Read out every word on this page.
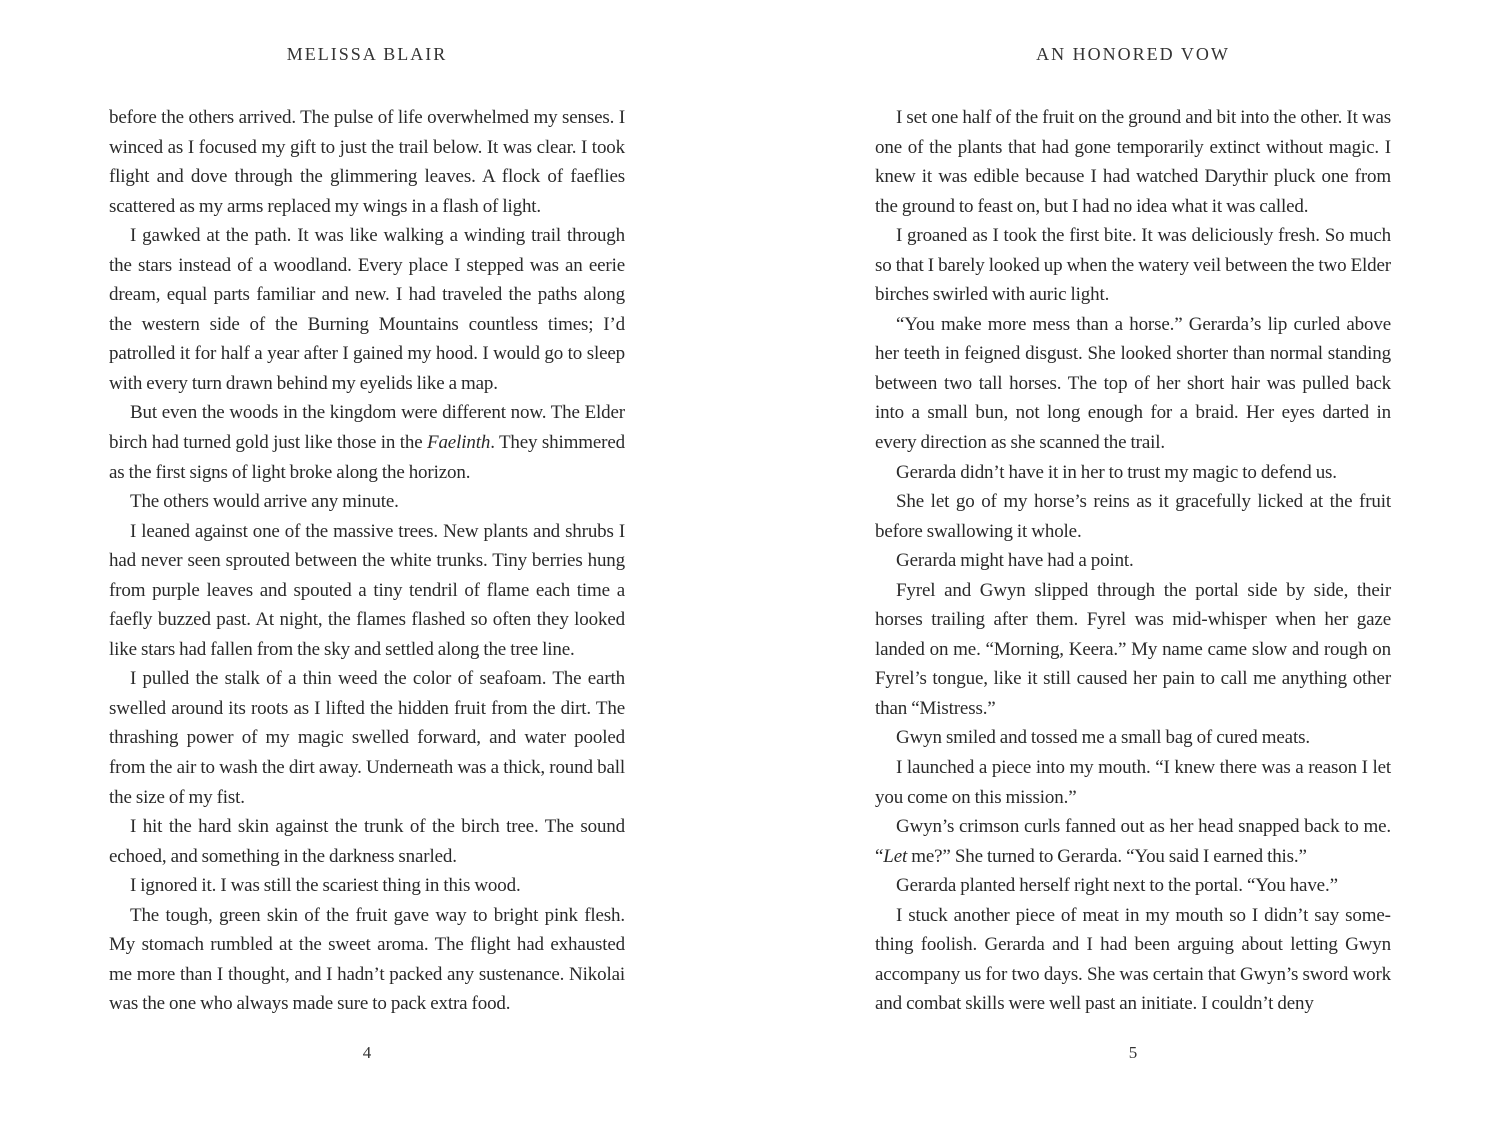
MELISSA BLAIR

before the others arrived. The pulse of life overwhelmed my senses. I winced as I focused my gift to just the trail below. It was clear. I took flight and dove through the glimmering leaves. A flock of faeflies scattered as my arms replaced my wings in a flash of light.

I gawked at the path. It was like walking a winding trail through the stars instead of a woodland. Every place I stepped was an eerie dream, equal parts familiar and new. I had traveled the paths along the western side of the Burning Mountains countless times; I’d patrolled it for half a year after I gained my hood. I would go to sleep with every turn drawn behind my eyelids like a map.

But even the woods in the kingdom were different now. The Elder birch had turned gold just like those in the Faelinth. They shimmered as the first signs of light broke along the horizon.

The others would arrive any minute.

I leaned against one of the massive trees. New plants and shrubs I had never seen sprouted between the white trunks. Tiny berries hung from purple leaves and spouted a tiny tendril of flame each time a faefly buzzed past. At night, the flames flashed so often they looked like stars had fallen from the sky and settled along the tree line.

I pulled the stalk of a thin weed the color of seafoam. The earth swelled around its roots as I lifted the hidden fruit from the dirt. The thrashing power of my magic swelled forward, and water pooled from the air to wash the dirt away. Underneath was a thick, round ball the size of my fist.

I hit the hard skin against the trunk of the birch tree. The sound echoed, and something in the darkness snarled.

I ignored it. I was still the scariest thing in this wood.

The tough, green skin of the fruit gave way to bright pink flesh. My stomach rumbled at the sweet aroma. The flight had exhausted me more than I thought, and I hadn’t packed any sustenance. Nikolai was the one who always made sure to pack extra food.

4
AN HONORED VOW

I set one half of the fruit on the ground and bit into the other. It was one of the plants that had gone temporarily extinct without magic. I knew it was edible because I had watched Darythir pluck one from the ground to feast on, but I had no idea what it was called.

I groaned as I took the first bite. It was deliciously fresh. So much so that I barely looked up when the watery veil between the two Elder birches swirled with auric light.

“You make more mess than a horse.” Gerarda’s lip curled above her teeth in feigned disgust. She looked shorter than normal standing between two tall horses. The top of her short hair was pulled back into a small bun, not long enough for a braid. Her eyes darted in every direction as she scanned the trail.

Gerarda didn’t have it in her to trust my magic to defend us.

She let go of my horse’s reins as it gracefully licked at the fruit before swallowing it whole.

Gerarda might have had a point.

Fyrel and Gwyn slipped through the portal side by side, their horses trailing after them. Fyrel was mid-whisper when her gaze landed on me. “Morning, Keera.” My name came slow and rough on Fyrel’s tongue, like it still caused her pain to call me anything other than “Mistress.”

Gwyn smiled and tossed me a small bag of cured meats.

I launched a piece into my mouth. “I knew there was a reason I let you come on this mission.”

Gwyn’s crimson curls fanned out as her head snapped back to me. “Let me?” She turned to Gerarda. “You said I earned this.”

Gerarda planted herself right next to the portal. “You have.”

I stuck another piece of meat in my mouth so I didn’t say something foolish. Gerarda and I had been arguing about letting Gwyn accompany us for two days. She was certain that Gwyn’s sword work and combat skills were well past an initiate. I couldn’t deny

5
